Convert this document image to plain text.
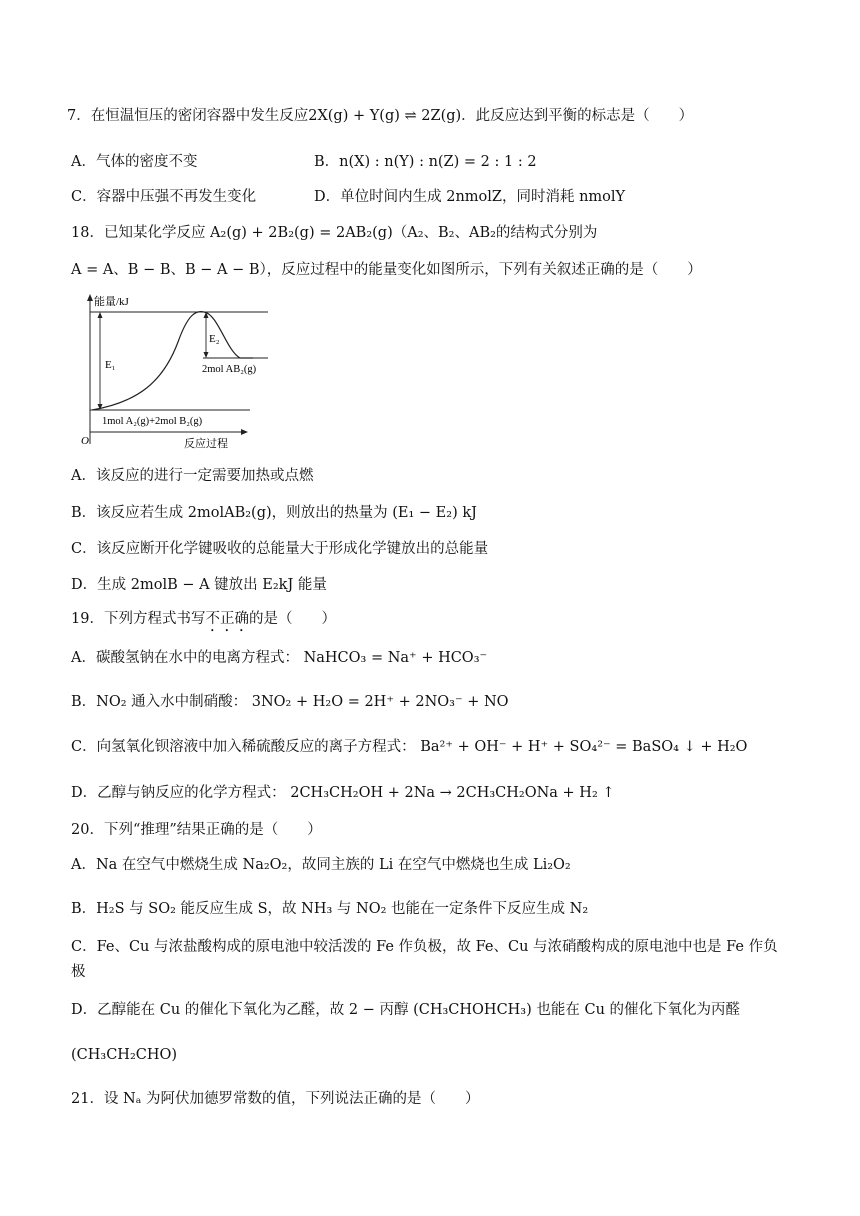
7．在恒温恒压的密闭容器中发生反应2X(g) + Y(g) ⇌ 2Z(g)．此反应达到平衡的标志是（　　）
A．气体的密度不变	B．n(X) : n(Y) : n(Z) = 2 : 1 : 2
C．容器中压强不再发生变化	D．单位时间内生成 2nmolZ，同时消耗 nmolY
18．已知某化学反应 A₂(g) + 2B₂(g) = 2AB₂(g)（A₂、B₂、AB₂的结构式分别为
A = A、B − B、B − A − B），反应过程中的能量变化如图所示，下列有关叙述正确的是（　　）
能量/kJ
E₁
E₂
2mol AB₂(g)
1mol A₂(g)+2mol B₂(g)
O	反应过程
A．该反应的进行一定需要加热或点燃
B．该反应若生成 2molAB₂(g)，则放出的热量为 (E₁ − E₂) kJ
C．该反应断开化学键吸收的总能量大于形成化学键放出的总能量
D．生成 2molB − A 键放出 E₂kJ 能量
19．下列方程式书写不正确的是（　　）
A．碳酸氢钠在水中的电离方程式： NaHCO₃ = Na⁺ + HCO₃⁻
B．NO₂ 通入水中制硝酸： 3NO₂ + H₂O = 2H⁺ + 2NO₃⁻ + NO
C．向氢氧化钡溶液中加入稀硫酸反应的离子方程式： Ba²⁺ + OH⁻ + H⁺ + SO₄²⁻ = BaSO₄ ↓ + H₂O
D．乙醇与钠反应的化学方程式： 2CH₃CH₂OH + 2Na → 2CH₃CH₂ONa + H₂ ↑
20．下列“推理”结果正确的是（　　）
A．Na 在空气中燃烧生成 Na₂O₂，故同主族的 Li 在空气中燃烧也生成 Li₂O₂
B．H₂S 与 SO₂ 能反应生成 S，故 NH₃ 与 NO₂ 也能在一定条件下反应生成 N₂
C．Fe、Cu 与浓盐酸构成的原电池中较活泼的 Fe 作负极，故 Fe、Cu 与浓硝酸构成的原电池中也是 Fe 作负
极
D．乙醇能在 Cu 的催化下氧化为乙醛，故 2 − 丙醇 (CH₃CHOHCH₃) 也能在 Cu 的催化下氧化为丙醛
(CH₃CH₂CHO)
21．设 Nₐ 为阿伏加德罗常数的值，下列说法正确的是（　　）
